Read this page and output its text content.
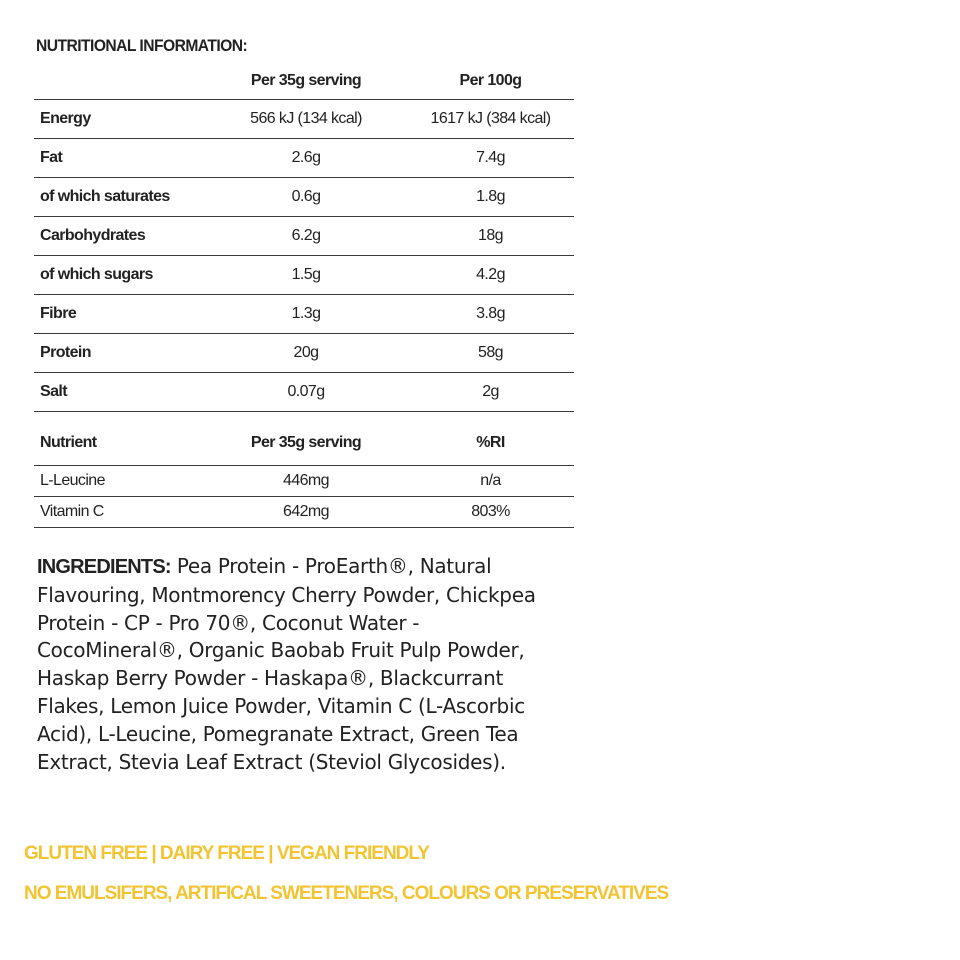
NUTRITIONAL INFORMATION:
	Per 35g serving	Per 100g
Energy	566 kJ (134 kcal)	1617 kJ (384 kcal)
Fat	2.6g	7.4g
of which saturates	0.6g	1.8g
Carbohydrates	6.2g	18g
of which sugars	1.5g	4.2g
Fibre	1.3g	3.8g
Protein	20g	58g
Salt	0.07g	2g
Nutrient	Per 35g serving	%RI
L-Leucine	446mg	n/a
Vitamin C	642mg	803%
INGREDIENTS: Pea Protein - ProEarth®, Natural Flavouring, Montmorency Cherry Powder, Chickpea Protein - CP - Pro 70®, Coconut Water - CocoMineral®, Organic Baobab Fruit Pulp Powder, Haskap Berry Powder - Haskapa®, Blackcurrant Flakes, Lemon Juice Powder, Vitamin C (L-Ascorbic Acid), L-Leucine, Pomegranate Extract, Green Tea Extract, Stevia Leaf Extract (Steviol Glycosides).
GLUTEN FREE | DAIRY FREE | VEGAN FRIENDLY
NO EMULSIFERS, ARTIFICAL SWEETENERS, COLOURS OR PRESERVATIVES
